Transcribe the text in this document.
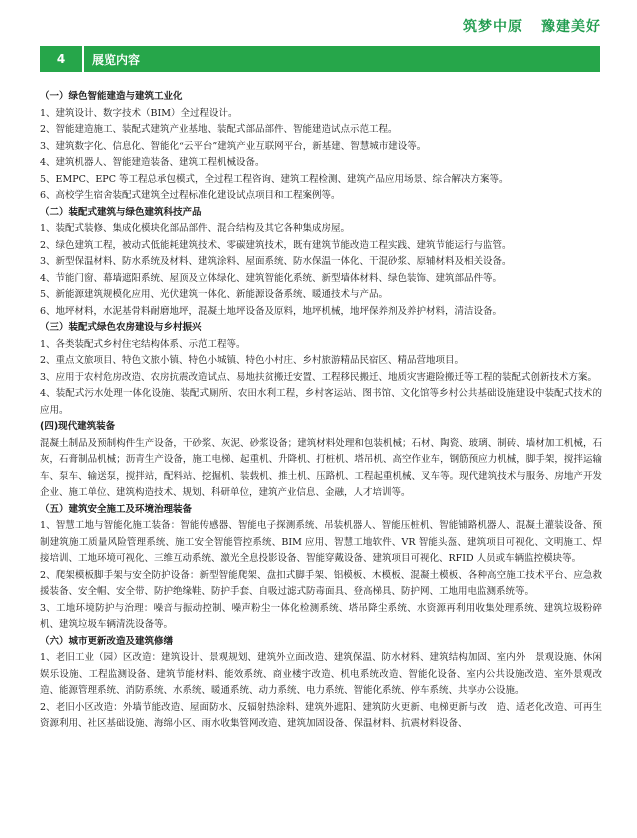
筑梦中原 豫建美好
4	展览内容
（一）绿色智能建造与建筑工业化
1、建筑设计、数字技术（BIM）全过程设计。
2、智能建造施工、装配式建筑产业基地、装配式部品部件、智能建造试点示范工程。
3、建筑数字化、信息化、智能化“云平台”建筑产业互联网平台，新基建、智慧城市建设等。
4、建筑机器人、智能建造装备、建筑工程机械设备。
5、EMPC、EPC 等工程总承包模式，全过程工程咨询、建筑工程检测、建筑产品应用场景、综合解决方案等。
6、高校学生宿舍装配式建筑全过程标准化建设试点项目和工程案例等。
（二）装配式建筑与绿色建筑科技产品
1、装配式装修、集成化模块化部品部件、混合结构及其它各种集成房屋。
2、绿色建筑工程，被动式低能耗建筑技术、零碳建筑技术，既有建筑节能改造工程实践、建筑节能运行与监管。
3、新型保温材料、防水系统及材料、建筑涂料、屋面系统、防水保温一体化、干混砂浆、原辅材料及相关设备。
4、节能门窗、幕墙遮阳系统、屋顶及立体绿化、建筑智能化系统、新型墙体材料、绿色装饰、建筑部品件等。
5、新能源建筑规模化应用、光伏建筑一体化、新能源设备系统、暖通技术与产品。
6、地坪材料，水泥基骨料耐磨地坪，混凝土地坪设备及原料，地坪机械，地坪保养剂及养护材料，清洁设备。
（三）装配式绿色农房建设与乡村振兴
1、各类装配式乡村住宅结构体系、示范工程等。
2、重点文旅项目、特色文旅小镇、特色小城镇、特色小村庄、乡村旅游精品民宿区、精品营地项目。
3、应用于农村危房改造、农房抗震改造试点、易地扶贫搬迁安置、工程移民搬迁、地质灾害避险搬迁等工程的装配式创新技术方案。
4、装配式污水处理一体化设施、装配式厕所、农田水利工程，乡村客运站、图书馆、文化馆等乡村公共基础设施建设中装配式技术的应用。
(四)现代建筑装备
混凝土制品及预制构件生产设备，干砂浆、灰泥、砂浆设备；建筑材料处理和包装机械；石材、陶瓷、玻璃、制砖、墙材加工机械，石灰，石膏制品机械；沥青生产设备，施工电梯、起重机、升降机、打桩机、塔吊机、高空作业车，钢筋预应力机械，脚手架，搅拌运输车、泵车、输送泵，搅拌站，配料站、挖掘机、装载机、推土机、压路机、工程起重机械、叉车等。现代建筑技术与服务、房地产开发企业、施工单位、建筑构造技术、规划、科研单位，建筑产业信息、金融，人才培训等。
（五）建筑安全施工及环境治理装备
1、智慧工地与智能化施工装备：智能传感器、智能电子探测系统、吊装机器人、智能压桩机、智能铺路机器人、混凝土灌装设备、预制建筑施工质量风险管理系统、施工安全智能管控系统、BIM 应用、智慧工地软件、VR 智能头盔、建筑项目可视化、文明施工、焊接培训、工地环境可视化、三维互动系统、激光全息投影设备、智能穿戴设备、建筑项目可视化、RFID 人员或车辆监控模块等。
2、爬架模板脚手架与安全防护设备：新型智能爬架、盘扣式脚手架、铝模板、木模板、混凝土模板、各种高空施工技术平台、应急救援装备、安全帽、安全带、防护绝缘鞋、防护手套、自吸过滤式防毒面具、登高梯具、防护网、工地用电监测系统等。
3、工地环境防护与治理：噪音与振动控制、噪声粉尘一体化检测系统、塔吊降尘系统、水资源再利用收集处理系统、建筑垃圾粉碎机、建筑垃圾车辆清洗设备等。
（六）城市更新改造及建筑修缮
1、老旧工业（园）区改造：建筑设计、景观规划、建筑外立面改造、建筑保温、防水材料、建筑结构加固、室内外　景观设施、休闲娱乐设施、工程监测设备、建筑节能材料、能效系统、商业楼宇改造、机电系统改造、智能化设备、室内公共设施改造、室外景观改造、能源管理系统、消防系统、水系统、暖通系统、动力系统、电力系统、智能化系统、停车系统、共享办公设施。
2、老旧小区改造：外墙节能改造、屋面防水、反辐射热涂料、建筑外遮阳、建筑防火更新、电梯更新与改　造、适老化改造、可再生资源利用、社区基础设施、海绵小区、雨水收集管网改造、建筑加固设备、保温材料、抗震材料设备、
